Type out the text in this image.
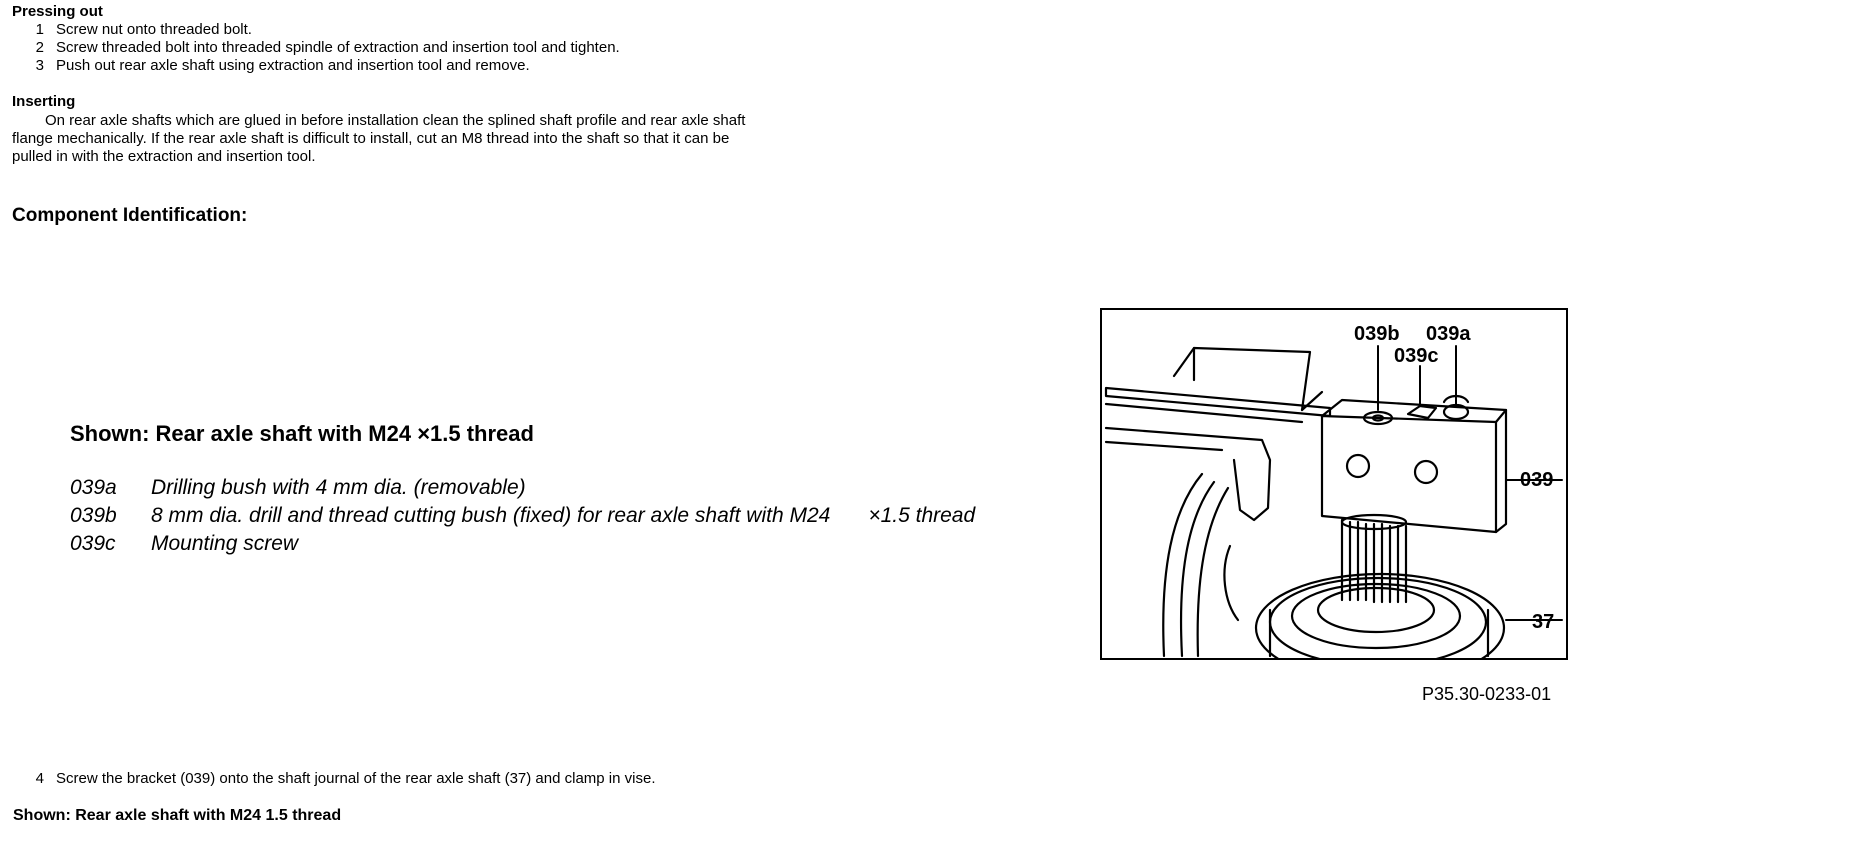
Pressing out
1 Screw nut onto threaded bolt.
2 Screw threaded bolt into threaded spindle of extraction and insertion tool and tighten.
3 Push out rear axle shaft using extraction and insertion tool and remove.
Inserting
On rear axle shafts which are glued in before installation clean the splined shaft profile and rear axle shaft
flange mechanically. If the rear axle shaft is difficult to install, cut an M8 thread into the shaft so that it can be
pulled in with the extraction and insertion tool.
Component Identification:
Shown: Rear axle shaft with M24 ×1.5 thread
039a Drilling bush with 4 mm dia. (removable)
039b 8 mm dia. drill and thread cutting bush (fixed) for rear axle shaft with M24 ×1.5 thread
039c Mounting screw
039b 039a
039c
039
37
P35.30-0233-01
4 Screw the bracket (039) onto the shaft journal of the rear axle shaft (37) and clamp in vise.
Shown: Rear axle shaft with M24 1.5 thread
